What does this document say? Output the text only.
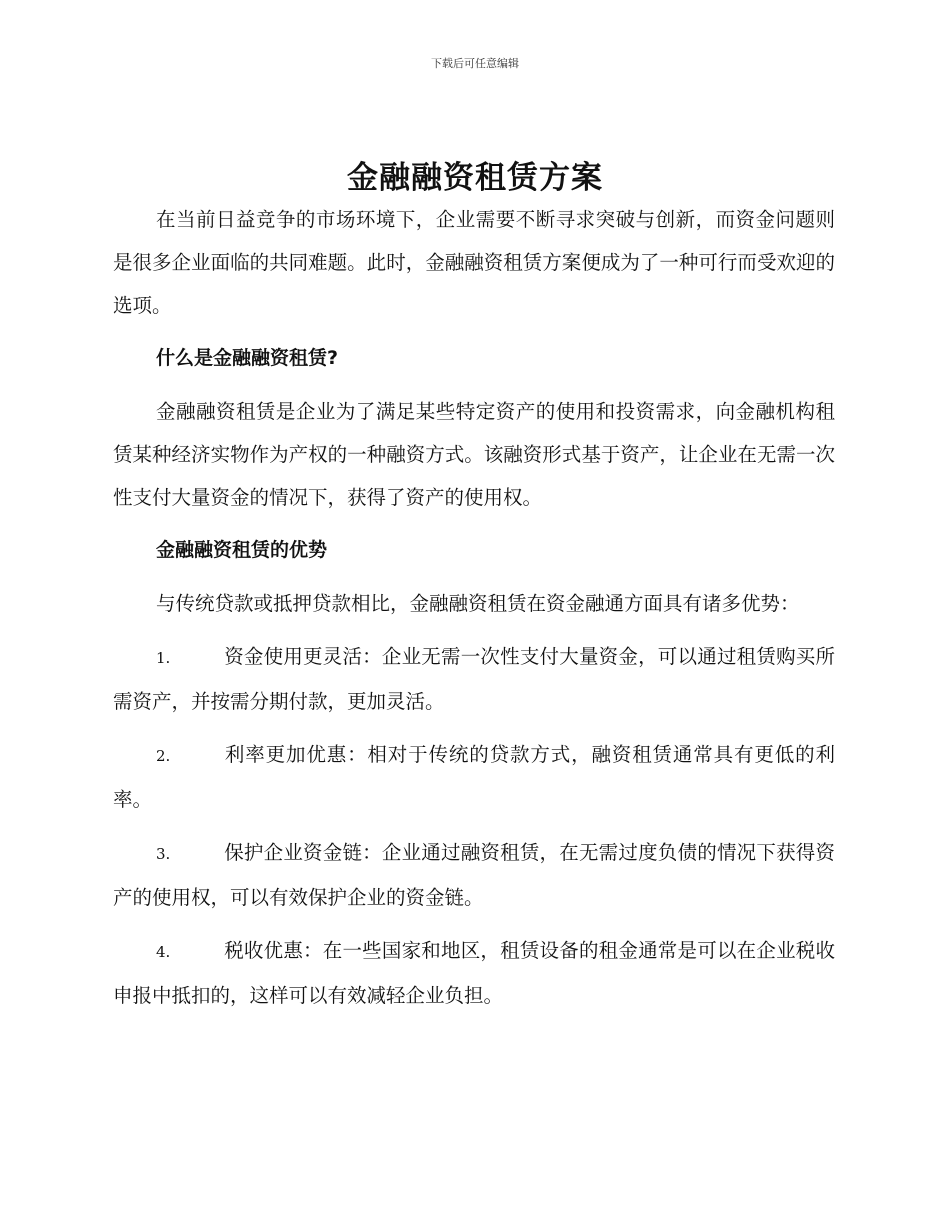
下载后可任意编辑
金融融资租赁方案

在当前日益竞争的市场环境下，企业需要不断寻求突破与创新，而资金问题则是很多企业面临的共同难题。此时，金融融资租赁方案便成为了一种可行而受欢迎的选项。

什么是金融融资租赁?

金融融资租赁是企业为了满足某些特定资产的使用和投资需求，向金融机构租赁某种经济实物作为产权的一种融资方式。该融资形式基于资产，让企业在无需一次性支付大量资金的情况下，获得了资产的使用权。

金融融资租赁的优势

与传统贷款或抵押贷款相比，金融融资租赁在资金融通方面具有诸多优势：

1.	资金使用更灵活：企业无需一次性支付大量资金，可以通过租赁购买所需资产，并按需分期付款，更加灵活。

2.	利率更加优惠：相对于传统的贷款方式，融资租赁通常具有更低的利率。

3.	保护企业资金链：企业通过融资租赁，在无需过度负债的情况下获得资产的使用权，可以有效保护企业的资金链。

4.	税收优惠：在一些国家和地区，租赁设备的租金通常是可以在企业税收申报中抵扣的，这样可以有效减轻企业负担。
